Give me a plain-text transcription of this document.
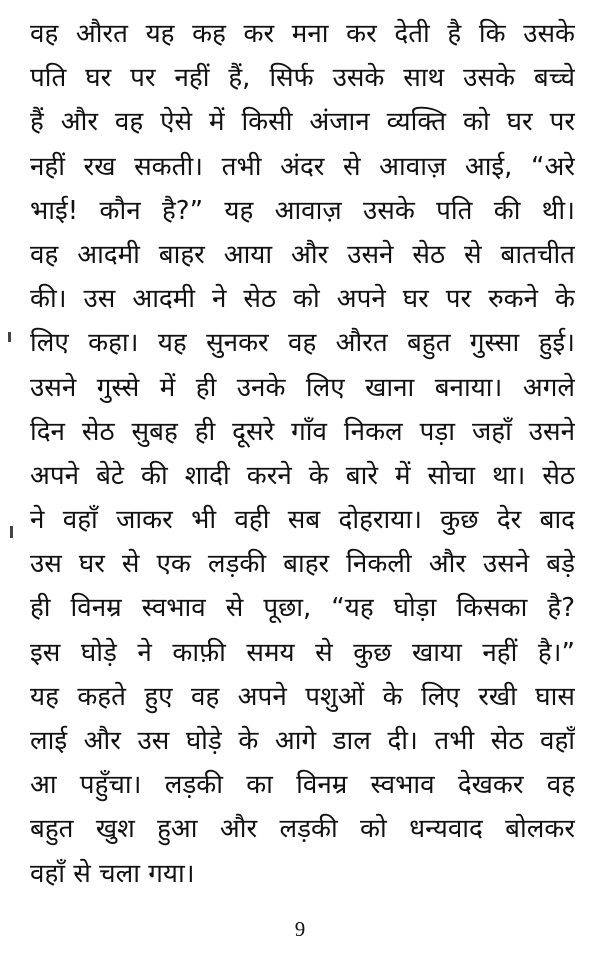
वह औरत यह कह कर मना कर देती है कि उसके
पति घर पर नहीं हैं, सिर्फ उसके साथ उसके बच्चे
हैं और वह ऐसे में किसी अंजान व्यक्ति को घर पर
नहीं रख सकती। तभी अंदर से आवाज़ आई, “अरे
भाई! कौन है?” यह आवाज़ उसके पति की थी।
वह आदमी बाहर आया और उसने सेठ से बातचीत
की। उस आदमी ने सेठ को अपने घर पर रुकने के
लिए कहा। यह सुनकर वह औरत बहुत गुस्सा हुई।
उसने गुस्से में ही उनके लिए खाना बनाया। अगले
दिन सेठ सुबह ही दूसरे गाँव निकल पड़ा जहाँ उसने
अपने बेटे की शादी करने के बारे में सोचा था। सेठ
ने वहाँ जाकर भी वही सब दोहराया। कुछ देर बाद
उस घर से एक लड़की बाहर निकली और उसने बड़े
ही विनम्र स्वभाव से पूछा, “यह घोड़ा किसका है?
इस घोड़े ने काफ़ी समय से कुछ खाया नहीं है।”
यह कहते हुए वह अपने पशुओं के लिए रखी घास
लाई और उस घोड़े के आगे डाल दी। तभी सेठ वहाँ
आ पहुँचा। लड़की का विनम्र स्वभाव देखकर वह
बहुत खुश हुआ और लड़की को धन्यवाद बोलकर
वहाँ से चला गया।
9
